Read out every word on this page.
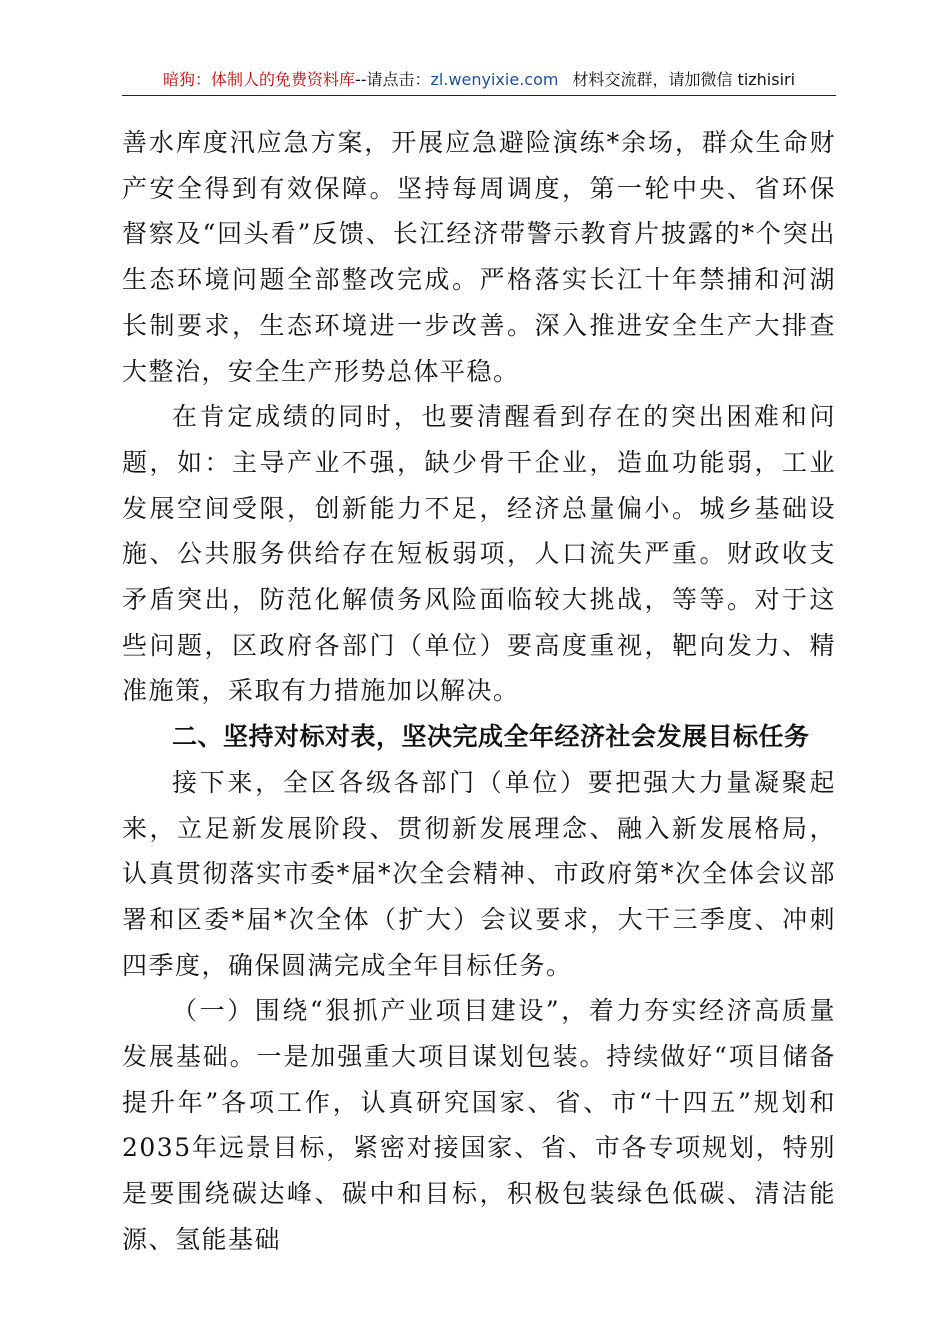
暗狗：体制人的免费资料库--请点击：zl.wenyixie.com 材料交流群，请加微信 tizhisiri

善水库度汛应急方案，开展应急避险演练*余场，群众生命财产安全得到有效保障。坚持每周调度，第一轮中央、省环保督察及“回头看”反馈、长江经济带警示教育片披露的*个突出生态环境问题全部整改完成。严格落实长江十年禁捕和河湖长制要求，生态环境进一步改善。深入推进安全生产大排查大整治，安全生产形势总体平稳。

在肯定成绩的同时，也要清醒看到存在的突出困难和问题，如：主导产业不强，缺少骨干企业，造血功能弱，工业发展空间受限，创新能力不足，经济总量偏小。城乡基础设施、公共服务供给存在短板弱项，人口流失严重。财政收支矛盾突出，防范化解债务风险面临较大挑战，等等。对于这些问题，区政府各部门（单位）要高度重视，靶向发力、精准施策，采取有力措施加以解决。

二、坚持对标对表，坚决完成全年经济社会发展目标任务

接下来，全区各级各部门（单位）要把强大力量凝聚起来，立足新发展阶段、贯彻新发展理念、融入新发展格局，认真贯彻落实市委*届*次全会精神、市政府第*次全体会议部署和区委*届*次全体（扩大）会议要求，大干三季度、冲刺四季度，确保圆满完成全年目标任务。

（一）围绕“狠抓产业项目建设”，着力夯实经济高质量发展基础。一是加强重大项目谋划包装。持续做好“项目储备提升年”各项工作，认真研究国家、省、市“十四五”规划和2035年远景目标，紧密对接国家、省、市各专项规划，特别是要围绕碳达峰、碳中和目标，积极包装绿色低碳、清洁能源、氢能基础
